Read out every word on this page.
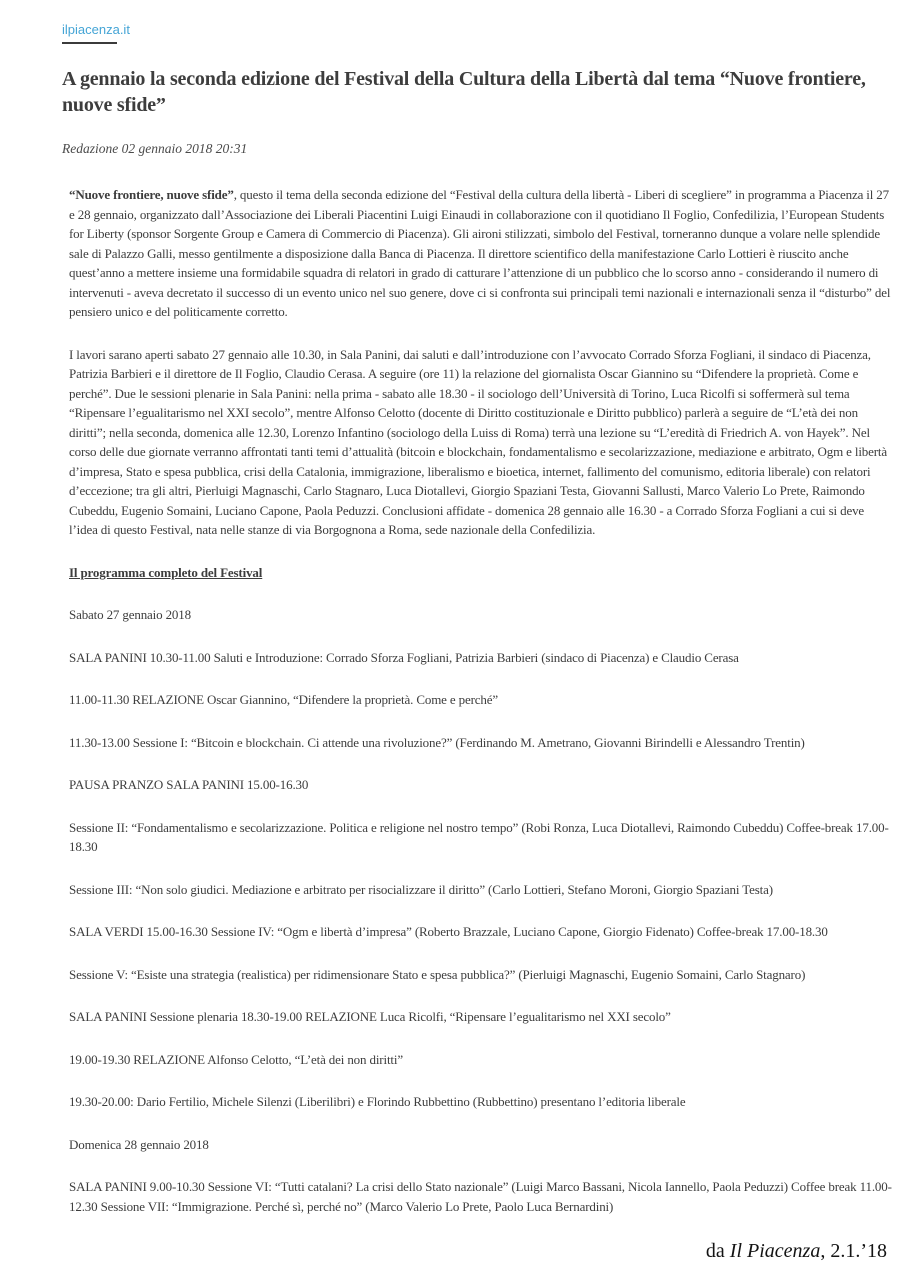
ilpiacenza.it
A gennaio la seconda edizione del Festival della Cultura della Libertà dal tema “Nuove frontiere, nuove sfide”
Redazione 02 gennaio 2018 20:31

“Nuove frontiere, nuove sfide”, questo il tema della seconda edizione del “Festival della cultura della libertà - Liberi di scegliere” in programma a Piacenza il 27 e 28 gennaio, organizzato dall’Associazione dei Liberali Piacentini Luigi Einaudi in collaborazione con il quotidiano Il Foglio, Confedilizia, l’European Students for Liberty (sponsor Sorgente Group e Camera di Commercio di Piacenza). Gli aironi stilizzati, simbolo del Festival, torneranno dunque a volare nelle splendide sale di Palazzo Galli, messo gentilmente a disposizione dalla Banca di Piacenza. Il direttore scientifico della manifestazione Carlo Lottieri è riuscito anche quest’anno a mettere insieme una formidabile squadra di relatori in grado di catturare l’attenzione di un pubblico che lo scorso anno - considerando il numero di intervenuti - aveva decretato il successo di un evento unico nel suo genere, dove ci si confronta sui principali temi nazionali e internazionali senza il “disturbo” del pensiero unico e del politicamente corretto.

I lavori sarano aperti sabato 27 gennaio alle 10.30, in Sala Panini, dai saluti e dall’introduzione con l’avvocato Corrado Sforza Fogliani, il sindaco di Piacenza, Patrizia Barbieri e il direttore de Il Foglio, Claudio Cerasa. A seguire (ore 11) la relazione del giornalista Oscar Giannino su “Difendere la proprietà. Come e perché”. Due le sessioni plenarie in Sala Panini: nella prima - sabato alle 18.30 - il sociologo dell’Università di Torino, Luca Ricolfi si soffermerà sul tema “Ripensare l’egualitarismo nel XXI secolo”, mentre Alfonso Celotto (docente di Diritto costituzionale e Diritto pubblico) parlerà a seguire de “L’età dei non diritti”; nella seconda, domenica alle 12.30, Lorenzo Infantino (sociologo della Luiss di Roma) terrà una lezione su “L’eredità di Friedrich A. von Hayek”. Nel corso delle due giornate verranno affrontati tanti temi d’attualità (bitcoin e blockchain, fondamentalismo e secolarizzazione, mediazione e arbitrato, Ogm e libertà d’impresa, Stato e spesa pubblica, crisi della Catalonia, immigrazione, liberalismo e bioetica, internet, fallimento del comunismo, editoria liberale) con relatori d’eccezione; tra gli altri, Pierluigi Magnaschi, Carlo Stagnaro, Luca Diotallevi, Giorgio Spaziani Testa, Giovanni Sallusti, Marco Valerio Lo Prete, Raimondo Cubeddu, Eugenio Somaini, Luciano Capone, Paola Peduzzi. Conclusioni affidate - domenica 28 gennaio alle 16.30 - a Corrado Sforza Fogliani a cui si deve l’idea di questo Festival, nata nelle stanze di via Borgognona a Roma, sede nazionale della Confedilizia.

Il programma completo del Festival

Sabato 27 gennaio 2018

SALA PANINI 10.30-11.00 Saluti e Introduzione: Corrado Sforza Fogliani, Patrizia Barbieri (sindaco di Piacenza) e Claudio Cerasa

11.00-11.30 RELAZIONE Oscar Giannino, “Difendere la proprietà. Come e perché”

11.30-13.00 Sessione I: “Bitcoin e blockchain. Ci attende una rivoluzione?” (Ferdinando M. Ametrano, Giovanni Birindelli e Alessandro Trentin)

PAUSA PRANZO SALA PANINI 15.00-16.30

Sessione II: “Fondamentalismo e secolarizzazione. Politica e religione nel nostro tempo” (Robi Ronza, Luca Diotallevi, Raimondo Cubeddu) Coffee-break 17.00-18.30

Sessione III: “Non solo giudici. Mediazione e arbitrato per risocializzare il diritto” (Carlo Lottieri, Stefano Moroni, Giorgio Spaziani Testa)

SALA VERDI 15.00-16.30 Sessione IV: “Ogm e libertà d’impresa” (Roberto Brazzale, Luciano Capone, Giorgio Fidenato) Coffee-break 17.00-18.30

Sessione V: “Esiste una strategia (realistica) per ridimensionare Stato e spesa pubblica?” (Pierluigi Magnaschi, Eugenio Somaini, Carlo Stagnaro)

SALA PANINI Sessione plenaria 18.30-19.00 RELAZIONE Luca Ricolfi, “Ripensare l’egualitarismo nel XXI secolo”

19.00-19.30 RELAZIONE Alfonso Celotto, “L’età dei non diritti”

19.30-20.00: Dario Fertilio, Michele Silenzi (Liberilibri) e Florindo Rubbettino (Rubbettino) presentano l’editoria liberale

Domenica 28 gennaio 2018

SALA PANINI 9.00-10.30 Sessione VI: “Tutti catalani? La crisi dello Stato nazionale” (Luigi Marco Bassani, Nicola Iannello, Paola Peduzzi) Coffee break 11.00-12.30 Sessione VII: “Immigrazione. Perché sì, perché no” (Marco Valerio Lo Prete, Paolo Luca Bernardini)

da Il Piacenza, 2.1.’18
